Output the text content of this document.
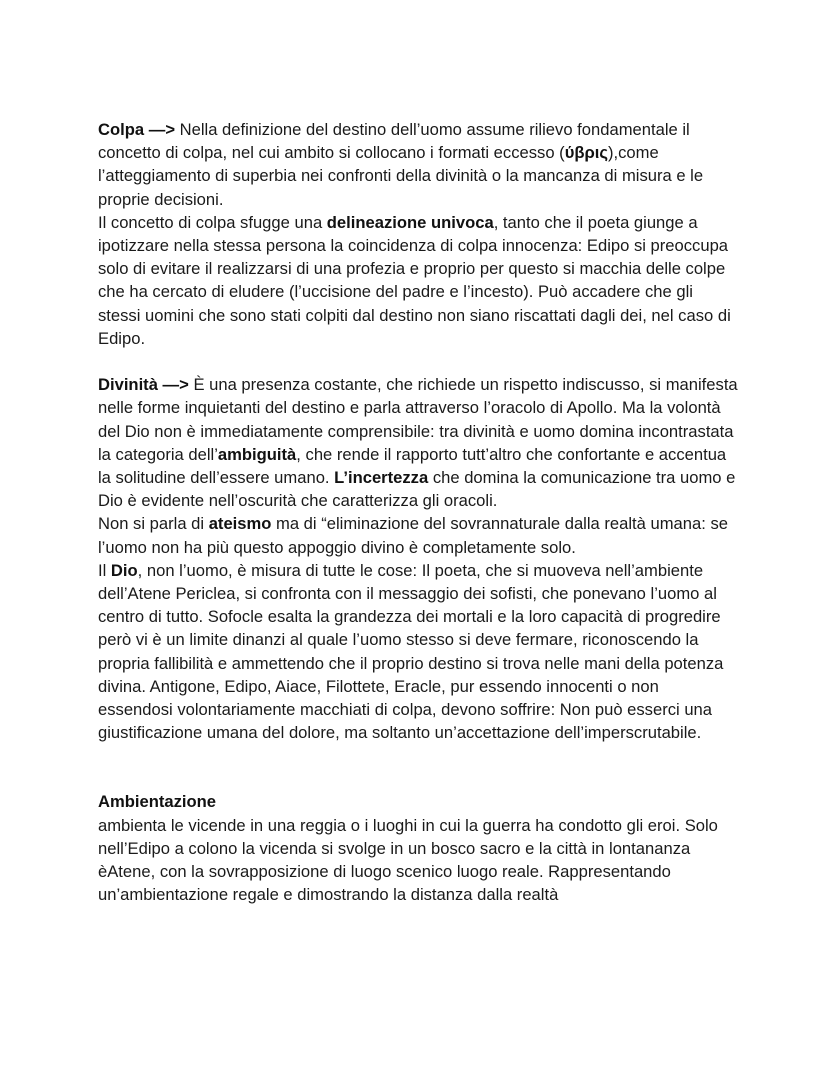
Colpa —> Nella definizione del destino dell’uomo assume rilievo fondamentale il concetto di colpa, nel cui ambito si collocano i formati eccesso (ύβρις),come l’atteggiamento di superbia nei confronti della divinità o la mancanza di misura e le proprie decisioni.

Il concetto di colpa sfugge una delineazione univoca, tanto che il poeta giunge a ipotizzare nella stessa persona la coincidenza di colpa innocenza: Edipo si preoccupa solo di evitare il realizzarsi di una profezia e proprio per questo si macchia delle colpe che ha cercato di eludere (l’uccisione del padre e l’incesto). Può accadere che gli stessi uomini che sono stati colpiti dal destino non siano riscattati dagli dei, nel caso di Edipo.

Divinità —> È una presenza costante, che richiede un rispetto indiscusso, si manifesta nelle forme inquietanti del destino e parla attraverso l’oracolo di Apollo. Ma la volontà del Dio non è immediatamente comprensibile: tra divinità e uomo domina incontrastata la categoria dell’ambiguità, che rende il rapporto tutt’altro che confortante e accentua la solitudine dell’essere umano. L’incertezza che domina la comunicazione tra uomo e Dio è evidente nell’oscurità che caratterizza gli oracoli.

Non si parla di ateismo ma di “eliminazione del sovrannaturale dalla realtà umana: se l’uomo non ha più questo appoggio divino è completamente solo.

Il Dio, non l’uomo, è misura di tutte le cose: Il poeta, che si muoveva nell’ambiente dell’Atene Periclea, si confronta con il messaggio dei sofisti, che ponevano l’uomo al centro di tutto. Sofocle esalta la grandezza dei mortali e la loro capacità di progredire però vi è un limite dinanzi al quale l’uomo stesso si deve fermare, riconoscendo la propria fallibilità e ammettendo che il proprio destino si trova nelle mani della potenza divina. Antigone, Edipo, Aiace, Filottete, Eracle, pur essendo innocenti o non essendosi volontariamente macchiati di colpa, devono soffrire: Non può esserci una giustificazione umana del dolore, ma soltanto un’accettazione dell’imperscrutabile.

Ambientazione

ambienta le vicende in una reggia o i luoghi in cui la guerra ha condotto gli eroi. Solo nell’Edipo a colono la vicenda si svolge in un bosco sacro e la città in lontananza èAtene, con la sovrapposizione di luogo scenico luogo reale. Rappresentando un’ambientazione regale e dimostrando la distanza dalla realtà
